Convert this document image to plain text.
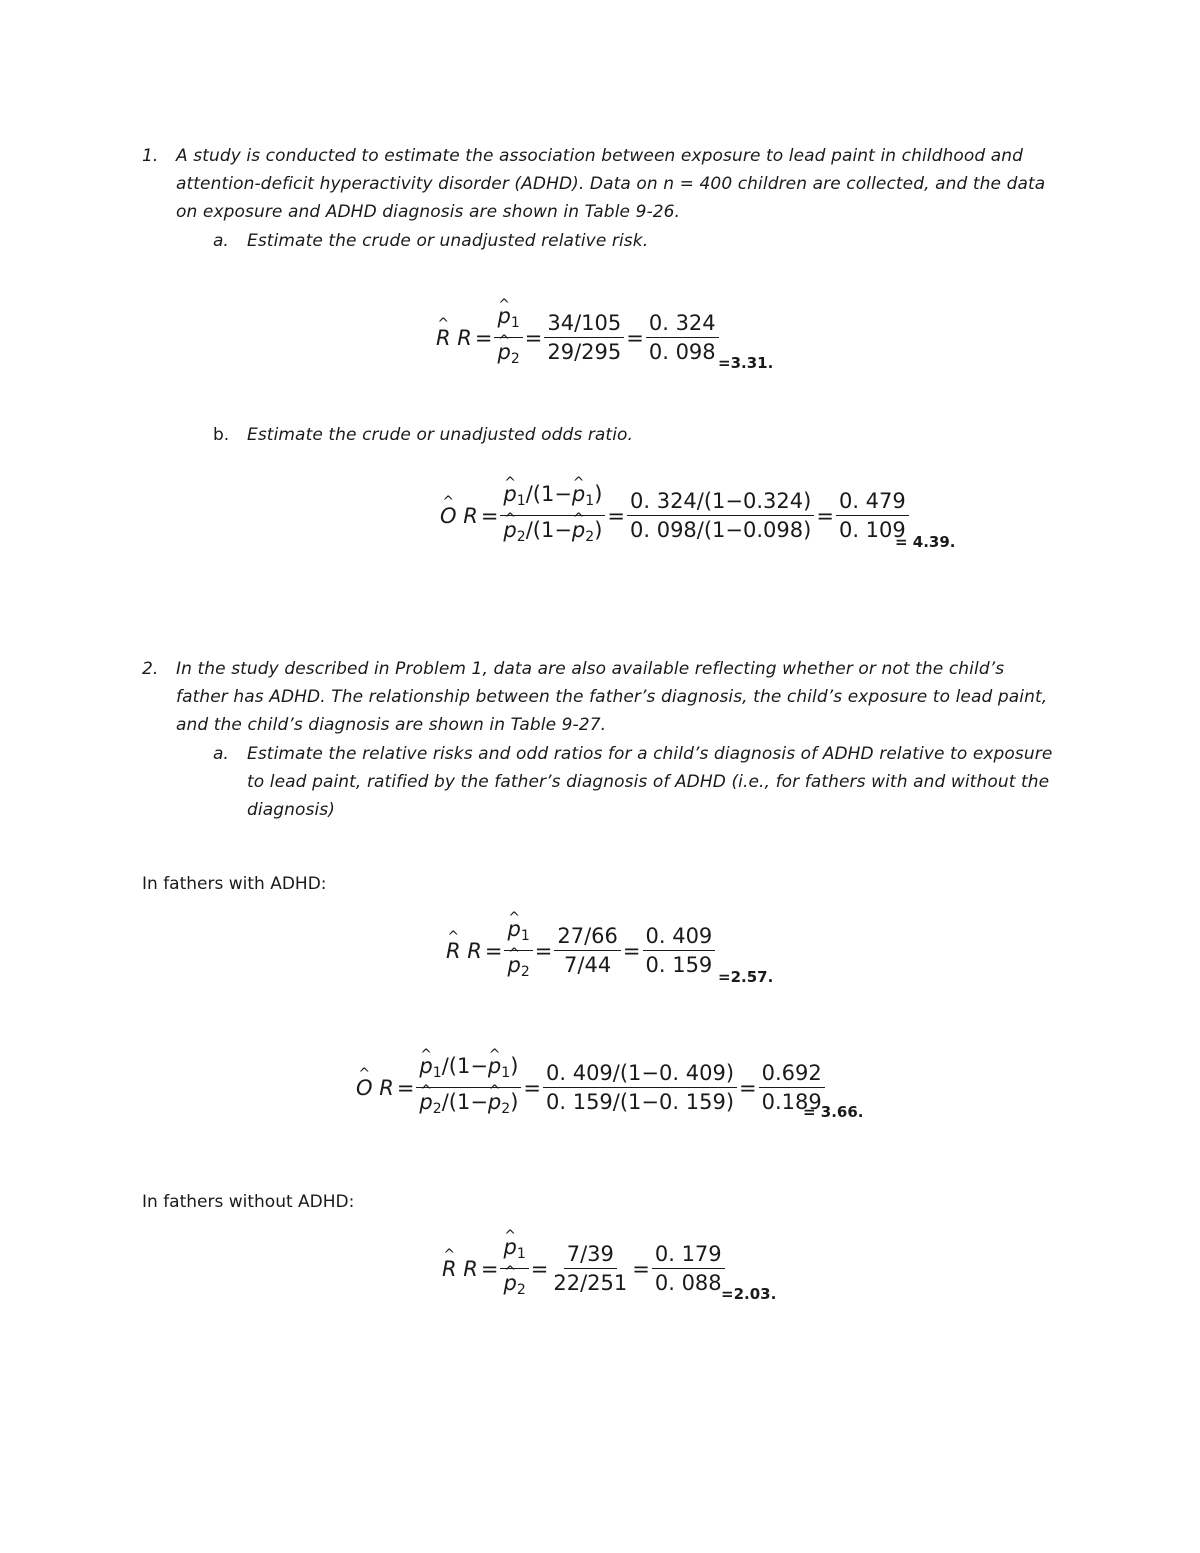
1. A study is conducted to estimate the association between exposure to lead paint in childhood and
attention-deficit hyperactivity disorder (ADHD). Data on n = 400 children are collected, and the data
on exposure and ADHD diagnosis are shown in Table 9-26.
a. Estimate the crude or unadjusted relative risk.
^ R R = ^ $p_1$
^ $p_2 = \frac{34/105}{29/295} = \frac{0. 324}{0. 098} =3.31$.
b. Estimate the crude or unadjusted odds ratio.
^ O R = ^ $p_1/(1-\^{}$ $p_1$)
^ $p_2/(1-\^{}$ $p_2) = \frac{0. 324/(1-0.324)}{0. 098/(1-0.098)} = \frac{0. 479}{0. 109}$
= 4.39.
2. In the study described in Problem 1, data are also available reflecting whether or not the child’s
father has ADHD. The relationship between the father’s diagnosis, the child’s exposure to lead paint,
and the child’s diagnosis are shown in Table 9-27.
a. Estimate the relative risks and odd ratios for a child’s diagnosis of ADHD relative to exposure
to lead paint, ratified by the father’s diagnosis of ADHD (i.e., for fathers with and without the
diagnosis)
In fathers with ADHD:
^ R R = ^ $p_1$
^ $p_2 = \frac{27/66}{7/44} = \frac{0. 409}{0. 159} =2.57$.
^ O R = ^ $p_1/(1-\^{}$ $p_1$)
^ $p_2/(1-\^{}$ $p_2) = \frac{0. 409/(1-0. 409)}{0. 159/(1-0. 159)} = \frac{0.692}{0.189}$
= 3.66.
In fathers without ADHD:
^ R R = ^ $p_1$
^ $p_2 = \frac{7/39}{22/251} = \frac{0. 179}{0. 088}$
=2.03.
